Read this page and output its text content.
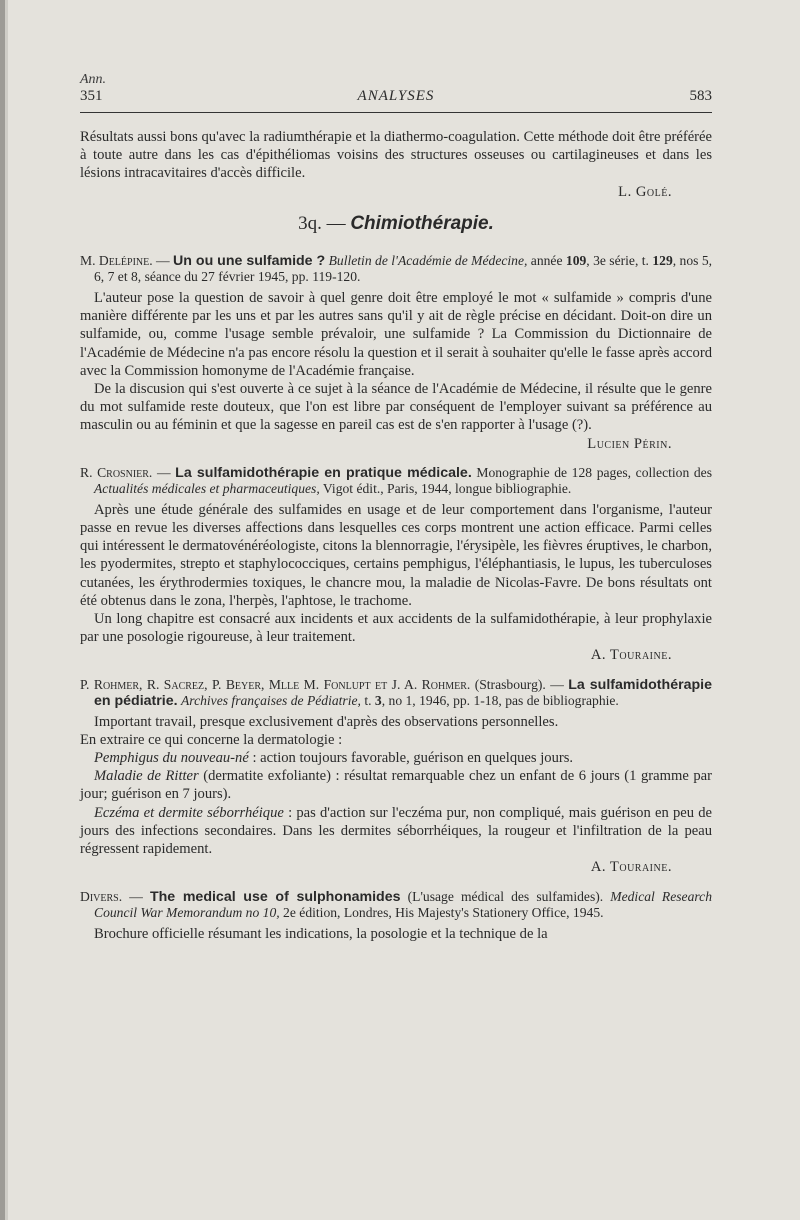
Ann.
351	ANALYSES	583

Résultats aussi bons qu'avec la radiumthérapie et la diathermo-coagulation. Cette méthode doit être préférée à toute autre dans les cas d'épithéliomas voisins des structures osseuses ou cartilagineuses et dans les lésions intracavitaires d'accès difficile.

L. Golé.

3q. — Chimiothérapie.

M. Delépine. — Un ou une sulfamide ? Bulletin de l'Académie de Médecine, année 109, 3e série, t. 129, nos 5, 6, 7 et 8, séance du 27 février 1945, pp. 119-120.

L'auteur pose la question de savoir à quel genre doit être employé le mot « sulfamide » compris d'une manière différente par les uns et par les autres sans qu'il y ait de règle précise en décidant. Doit-on dire un sulfamide, ou, comme l'usage semble prévaloir, une sulfamide ? La Commission du Dictionnaire de l'Académie de Médecine n'a pas encore résolu la question et il serait à souhaiter qu'elle le fasse après accord avec la Commission homonyme de l'Académie française.

De la discusion qui s'est ouverte à ce sujet à la séance de l'Académie de Médecine, il résulte que le genre du mot sulfamide reste douteux, que l'on est libre par conséquent de l'employer suivant sa préférence au masculin ou au féminin et que la sagesse en pareil cas est de s'en rapporter à l'usage (?).

Lucien Périn.

R. Crosnier. — La sulfamidothérapie en pratique médicale. Monographie de 128 pages, collection des Actualités médicales et pharmaceutiques, Vigot édit., Paris, 1944, longue bibliographie.

Après une étude générale des sulfamides en usage et de leur comportement dans l'organisme, l'auteur passe en revue les diverses affections dans lesquelles ces corps montrent une action efficace. Parmi celles qui intéressent le dermatovénéréologiste, citons la blennorragie, l'érysipèle, les fièvres éruptives, le charbon, les pyodermites, strepto et staphylococciques, certains pemphigus, l'éléphantiasis, le lupus, les tuberculoses cutanées, les érythrodermies toxiques, le chancre mou, la maladie de Nicolas-Favre. De bons résultats ont été obtenus dans le zona, l'herpès, l'aphtose, le trachome.

Un long chapitre est consacré aux incidents et aux accidents de la sulfamidothérapie, à leur prophylaxie par une posologie rigoureuse, à leur traitement.

A. Touraine.

P. Rohmer, R. Sacrez, P. Beyer, Mlle M. Fonlupt et J. A. Rohmer. (Strasbourg). — La sulfamidothérapie en pédiatrie. Archives françaises de Pédiatrie, t. 3, no 1, 1946, pp. 1-18, pas de bibliographie.

Important travail, presque exclusivement d'après des observations personnelles.

En extraire ce qui concerne la dermatologie :

Pemphigus du nouveau-né : action toujours favorable, guérison en quelques jours.

Maladie de Ritter (dermatite exfoliante) : résultat remarquable chez un enfant de 6 jours (1 gramme par jour; guérison en 7 jours).

Eczéma et dermite séborrhéique : pas d'action sur l'eczéma pur, non compliqué, mais guérison en peu de jours des infections secondaires. Dans les dermites séborrhéiques, la rougeur et l'infiltration de la peau régressent rapidement.

A. Touraine.

Divers. — The medical use of sulphonamides (L'usage médical des sulfamides). Medical Research Council War Memorandum no 10, 2e édition, Londres, His Majesty's Stationery Office, 1945.

Brochure officielle résumant les indications, la posologie et la technique de la
